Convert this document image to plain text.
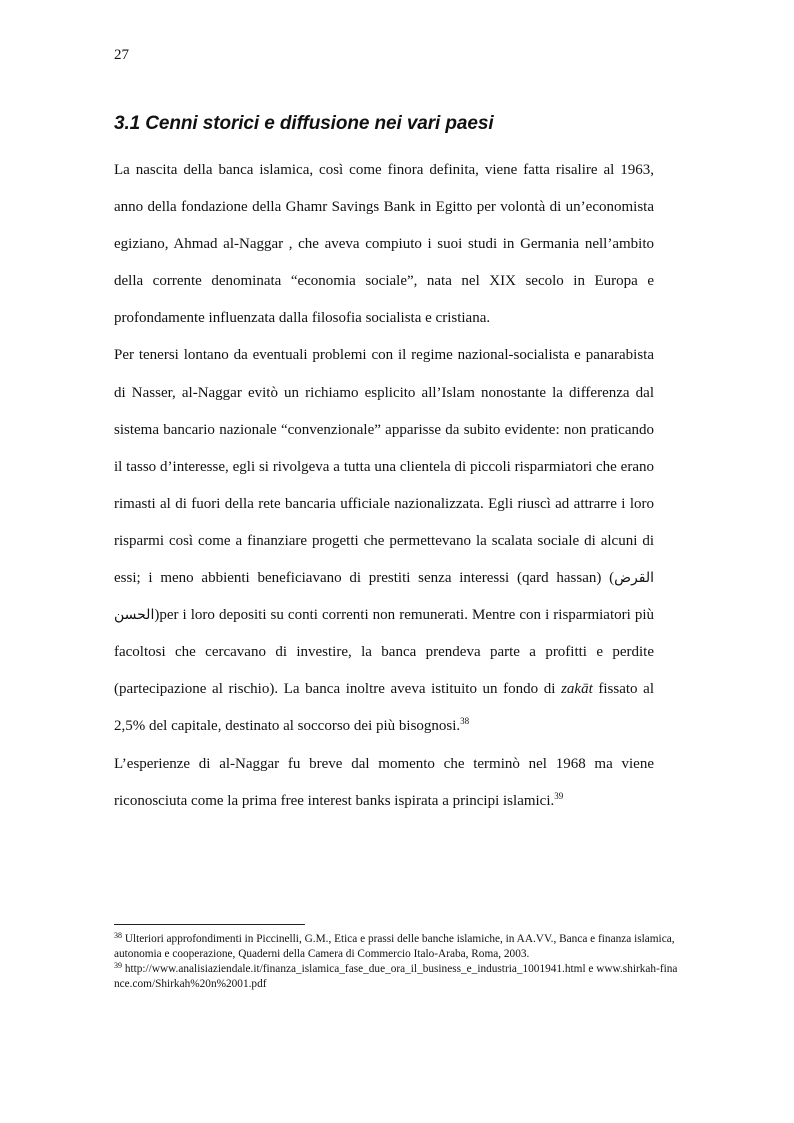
27
3.1 Cenni storici e diffusione nei vari paesi

La nascita della banca islamica, così come finora definita, viene fatta risalire al 1963, anno della fondazione della Ghamr Savings Bank in Egitto per volontà di un’economista egiziano, Ahmad al-Naggar , che aveva compiuto i suoi studi in Germania nell’ambito della corrente denominata “economia sociale”, nata nel XIX secolo in Europa e profondamente influenzata dalla filosofia socialista e cristiana.

Per tenersi lontano da eventuali problemi con il regime nazional-socialista e panarabista di Nasser, al-Naggar evitò un richiamo esplicito all’Islam nonostante la differenza dal sistema bancario nazionale “convenzionale” apparisse da subito evidente: non praticando il tasso d’interesse, egli si rivolgeva a tutta una clientela di piccoli risparmiatori che erano rimasti al di fuori della rete bancaria ufficiale nazionalizzata. Egli riuscì ad attrarre i loro risparmi così come a finanziare progetti che permettevano la scalata sociale di alcuni di essi; i meno abbienti beneficiavano di prestiti senza interessi (qard hassan) (القرض الحسن)per i loro depositi su conti correnti non remunerati. Mentre con i risparmiatori più facoltosi che cercavano di investire, la banca prendeva parte a profitti e perdite (partecipazione al rischio). La banca inoltre aveva istituito un fondo di zakāt fissato al 2,5% del capitale, destinato al soccorso dei più bisognosi.$^{38}$

L’esperienze di al-Naggar fu breve dal momento che terminò nel 1968 ma viene riconosciuta come la prima free interest banks ispirata a principi islamici.$^{39}$

$^{38}$ Ulteriori approfondimenti in Piccinelli, G.M., Etica e prassi delle banche islamiche, in AA.VV., Banca e finanza islamica, autonomia e cooperazione, Quaderni della Camera di Commercio Italo-Araba, Roma, 2003.

$^{39}$ http://www.analisiaziendale.it/finanza_islamica_fase_due_ora_il_business_e_industria_1001941.html e www.shirkah-finance.com/Shirkah%20n%2001.pdf
